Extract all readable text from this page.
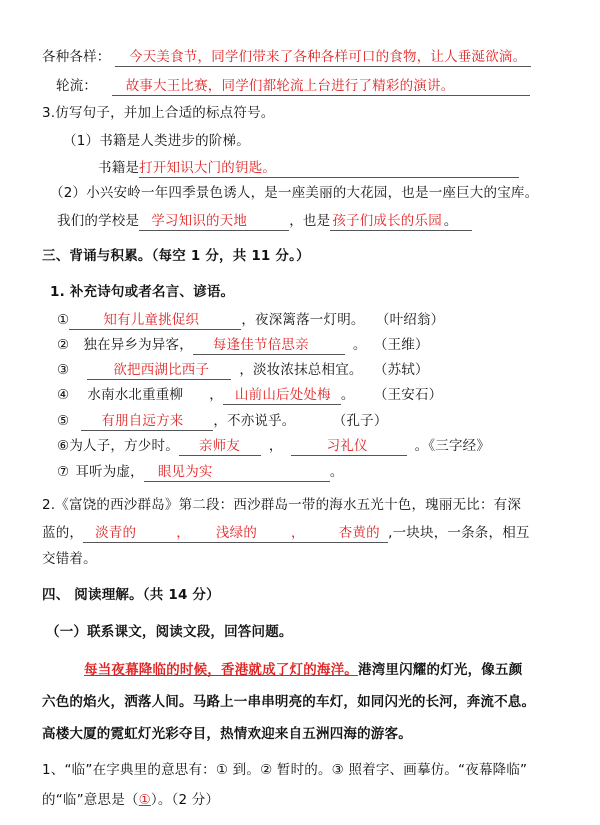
各种各样： 今天美食节，同学们带来了各种各样可口的食物，让人垂涎欲滴。
轮流： 故事大王比赛，同学们都轮流上台进行了精彩的演讲。
3.仿写句子，并加上合适的标点符号。
（1）书籍是人类进步的阶梯。
书籍是打开知识大门的钥匙。
（2）小兴安岭一年四季景色诱人，是一座美丽的大花园，也是一座巨大的宝库。
我们的学校是 学习知识的天地	，也是 孩子们成长的乐园 。
三、背诵与积累。（每空 1 分，共 11 分。）
1. 补充诗句或者名言、谚语。
①	知有儿童挑促织	，夜深篱落一灯明。 （叶绍翁）
② 独在异乡为异客， 每逢佳节倍思亲	。 （王维）
③	欲把西湖比西子 ，淡妆浓抹总相宜。 （苏轼）
④ 水南水北重重柳 ， 山前山后处处梅 。 （王安石）
⑤ 有朋自远方来 ，不亦说乎。	（孔子）
⑥为人子，方少时。 亲师友 ，	习礼仪	。《三字经》
⑦ 耳听为虚， 眼见为实	。
2.《富饶的西沙群岛》第二段：西沙群岛一带的海水五光十色，瑰丽无比：有深
蓝的， 淡青的	， 浅绿的	，	杏黄的 ,一块块，一条条，相互
交错着。
四、 阅读理解。（共 14 分）
（一）联系课文，阅读文段，回答问题。
每当夜幕降临的时候，香港就成了灯的海洋。港湾里闪耀的灯光，像五颜
六色的焰火，洒落人间。马路上一串串明亮的车灯，如同闪光的长河，奔流不息。
高楼大厦的霓虹灯光彩夺目，热情欢迎来自五洲四海的游客。
1、“临”在字典里的意思有：① 到。② 暂时的。③ 照着字、画摹仿。“夜幕降临”
的“临”意思是（①）。（2 分）
